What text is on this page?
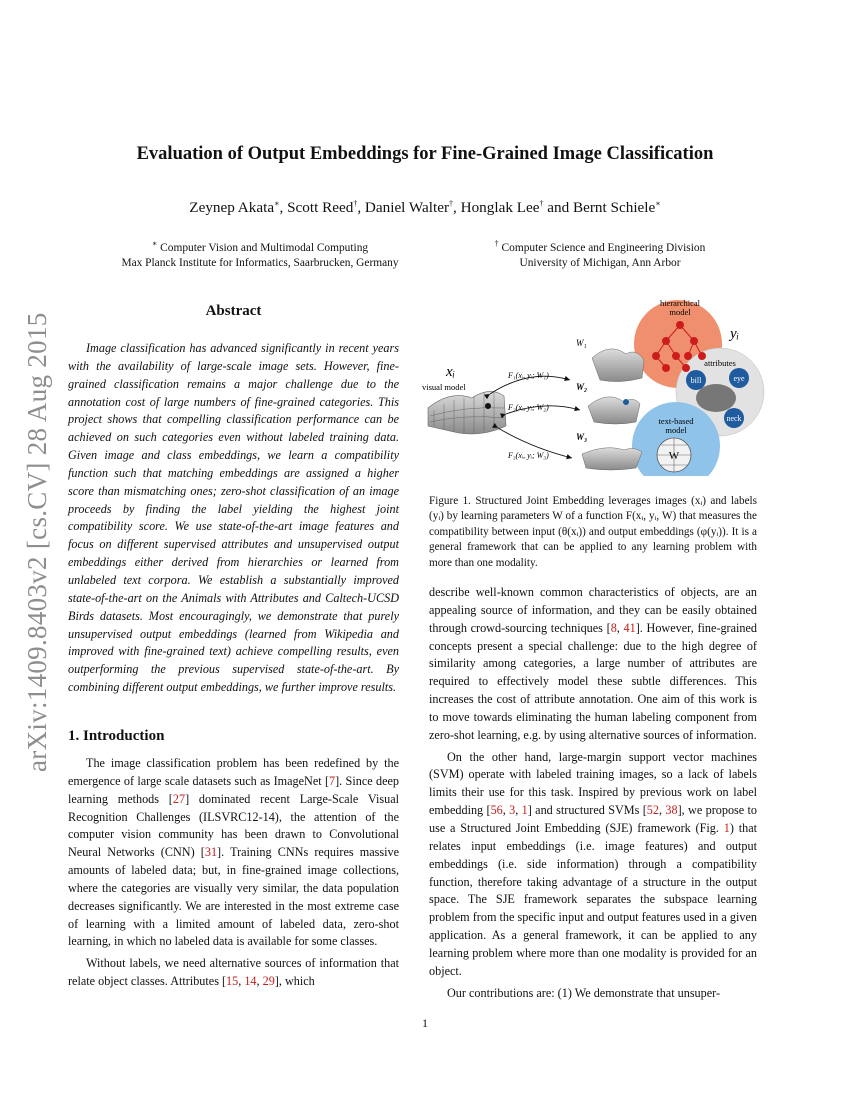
arXiv:1409.8403v2 [cs.CV] 28 Aug 2015
Evaluation of Output Embeddings for Fine-Grained Image Classification
Zeynep Akata∗, Scott Reed†, Daniel Walter†, Honglak Lee† and Bernt Schiele∗
∗ Computer Vision and Multimodal Computing
Max Planck Institute for Informatics, Saarbrucken, Germany
† Computer Science and Engineering Division
University of Michigan, Ann Arbor
Abstract

Image classification has advanced significantly in recent years with the availability of large-scale image sets. However, fine-grained classification remains a major challenge due to the annotation cost of large numbers of fine-grained categories. This project shows that compelling classification performance can be achieved on such categories even without labeled training data. Given image and class embeddings, we learn a compatibility function such that matching embeddings are assigned a higher score than mismatching ones; zero-shot classification of an image proceeds by finding the label yielding the highest joint compatibility score. We use state-of-the-art image features and focus on different supervised attributes and unsupervised output embeddings either derived from hierarchies or learned from unlabeled text corpora. We establish a substantially improved state-of-the-art on the Animals with Attributes and Caltech-UCSD Birds datasets. Most encouragingly, we demonstrate that purely unsupervised output embeddings (learned from Wikipedia and improved with fine-grained text) achieve compelling results, even outperforming the previous supervised state-of-the-art. By combining different output embeddings, we further improve results.

1. Introduction

The image classification problem has been redefined by the emergence of large scale datasets such as ImageNet [7]. Since deep learning methods [27] dominated recent Large-Scale Visual Recognition Challenges (ILSVRC12-14), the attention of the computer vision community has been drawn to Convolutional Neural Networks (CNN) [31]. Training CNNs requires massive amounts of labeled data; but, in fine-grained image collections, where the categories are visually very similar, the data population decreases significantly. We are interested in the most extreme case of learning with a limited amount of labeled data, zero-shot learning, in which no labeled data is available for some classes.

Without labels, we need alternative sources of information that relate object classes. Attributes [15, 14, 29], which

hierarchical
model
yᵢ
attributes
bill	eye
neck
text-based
model
W
xᵢ
visual model
W₁
W₂
W₃
F₁(xᵢ, yᵢ; W₁)
F₂(xᵢ, yᵢ; W₂)
F₃(xᵢ, yᵢ; W₃)
Figure 1. Structured Joint Embedding leverages images (xᵢ) and labels (yᵢ) by learning parameters W of a function F(xᵢ, yᵢ, W) that measures the compatibility between input (θ(xᵢ)) and output embeddings (φ(yᵢ)). It is a general framework that can be applied to any learning problem with more than one modality.

describe well-known common characteristics of objects, are an appealing source of information, and they can be easily obtained through crowd-sourcing techniques [8, 41]. However, fine-grained concepts present a special challenge: due to the high degree of similarity among categories, a large number of attributes are required to effectively model these subtle differences. This increases the cost of attribute annotation. One aim of this work is to move towards eliminating the human labeling component from zero-shot learning, e.g. by using alternative sources of information.

On the other hand, large-margin support vector machines (SVM) operate with labeled training images, so a lack of labels limits their use for this task. Inspired by previous work on label embedding [56, 3, 1] and structured SVMs [52, 38], we propose to use a Structured Joint Embedding (SJE) framework (Fig. 1) that relates input embeddings (i.e. image features) and output embeddings (i.e. side information) through a compatibility function, therefore taking advantage of a structure in the output space. The SJE framework separates the subspace learning problem from the specific input and output features used in a given application. As a general framework, it can be applied to any learning problem where more than one modality is provided for an object.

Our contributions are: (1) We demonstrate that unsuper-

1
